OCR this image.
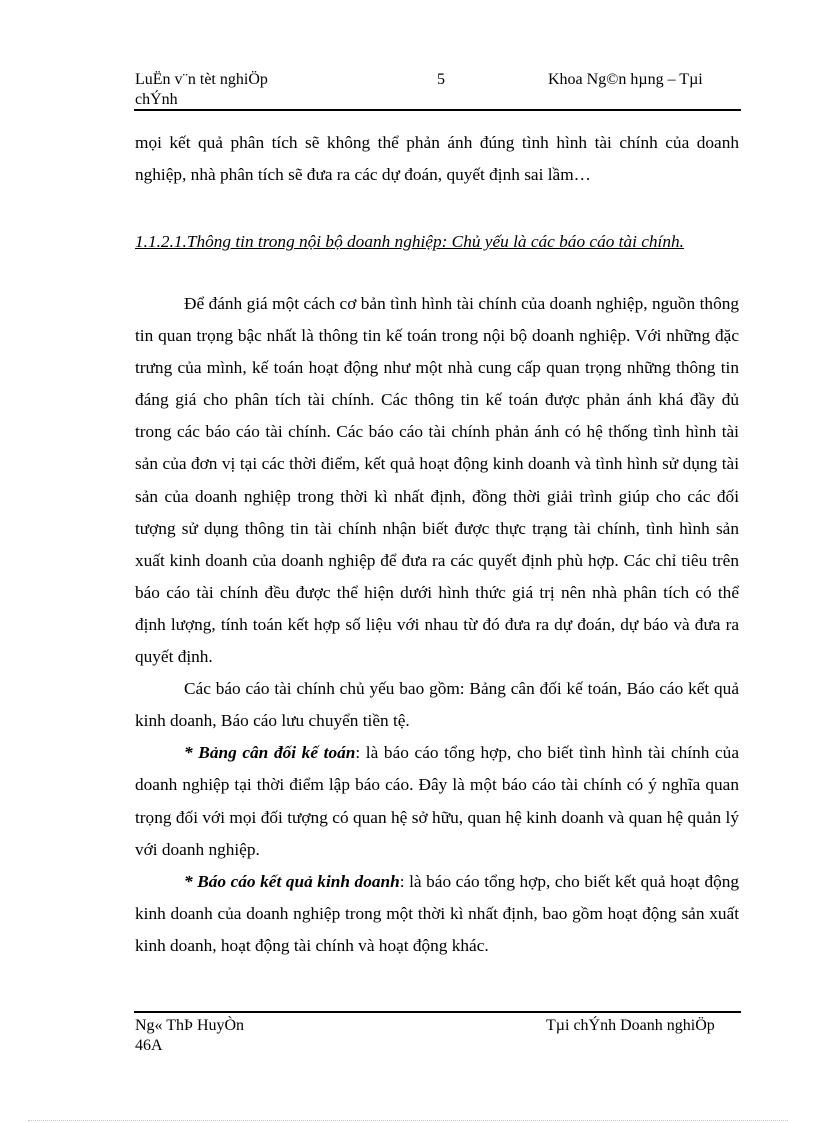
LuËn v¨n tèt nghiÖp
chÝnh
5	Khoa Ng©n hµng – Tµi

mọi kết quả phân tích sẽ không thể phản ánh đúng tình hình tài chính của doanh nghiệp, nhà phân tích sẽ đưa ra các dự đoán, quyết định sai lầm…

1.1.2.1.Thông tin trong nội bộ doanh nghiệp: Chủ yếu là các báo cáo tài chính.

Để đánh giá một cách cơ bản tình hình tài chính của doanh nghiệp, nguồn thông tin quan trọng bậc nhất là thông tin kế toán trong nội bộ doanh nghiệp. Với những đặc trưng của mình, kế toán hoạt động như một nhà cung cấp quan trọng những thông tin đáng giá cho phân tích tài chính. Các thông tin kế toán được phản ánh khá đầy đủ trong các báo cáo tài chính. Các báo cáo tài chính phản ánh có hệ thống tình hình tài sản của đơn vị tại các thời điểm, kết quả hoạt động kinh doanh và tình hình sử dụng tài sản của doanh nghiệp trong thời kì nhất định, đồng thời giải trình giúp cho các đối tượng sử dụng thông tin tài chính nhận biết được thực trạng tài chính, tình hình sản xuất kinh doanh của doanh nghiệp để đưa ra các quyết định phù hợp. Các chỉ tiêu trên báo cáo tài chính đều được thể hiện dưới hình thức giá trị nên nhà phân tích có thể định lượng, tính toán kết hợp số liệu với nhau từ đó đưa ra dự đoán, dự báo và đưa ra quyết định.

Các báo cáo tài chính chủ yếu bao gồm: Bảng cân đối kế toán, Báo cáo kết quả kinh doanh, Báo cáo lưu chuyển tiền tệ.

* Bảng cân đối kế toán: là báo cáo tổng hợp, cho biết tình hình tài chính của doanh nghiệp tại thời điểm lập báo cáo. Đây là một báo cáo tài chính có ý nghĩa quan trọng đối với mọi đối tượng có quan hệ sở hữu, quan hệ kinh doanh và quan hệ quản lý với doanh nghiệp.

* Báo cáo kết quả kinh doanh: là báo cáo tổng hợp, cho biết kết quả hoạt động kinh doanh của doanh nghiệp trong một thời kì nhất định, bao gồm hoạt động sản xuất kinh doanh, hoạt động tài chính và hoạt động khác.

Ng« ThÞ HuyÒn
46A
Tµi chÝnh Doanh nghiÖp
